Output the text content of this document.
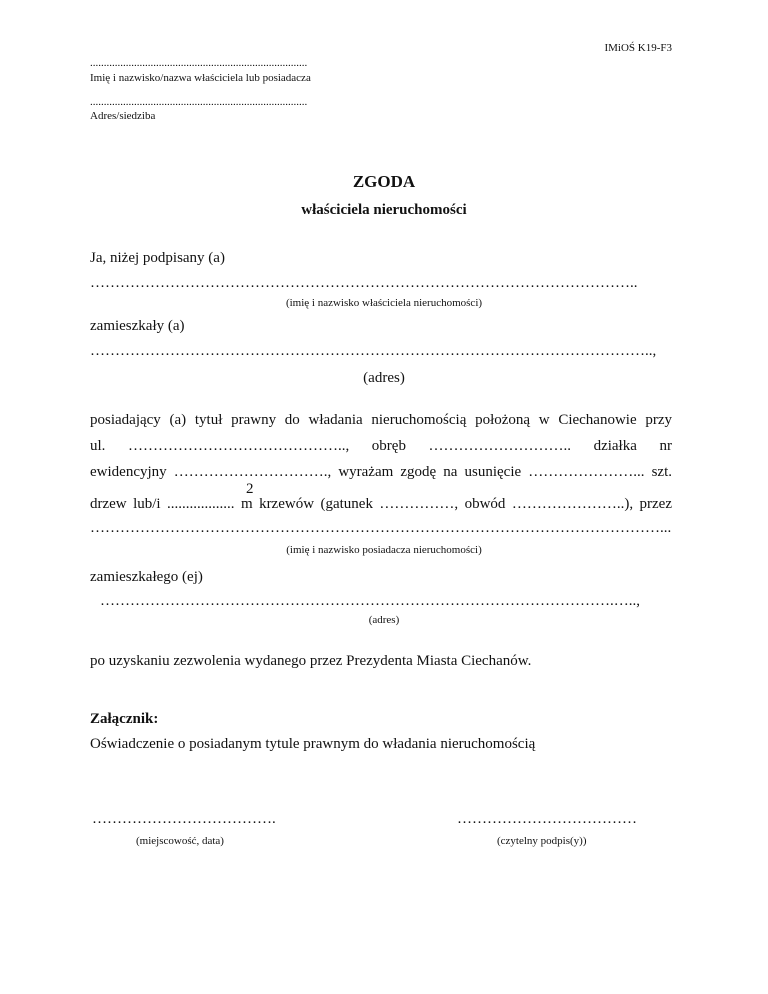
IMiOŚ K19-F3
...............................................................................
Imię i nazwisko/nazwa właściciela lub posiadacza
...............................................................................
Adres/siedziba
ZGODA
właściciela nieruchomości
Ja, niżej podpisany (a)
………………………………………………………………………………………………..
(imię i nazwisko właściciela nieruchomości)
zamieszkały (a)
…………………………………………………………………………………………………..,
(adres)
posiadający (a) tytuł prawny do władania nieruchomością położoną w Ciechanowie przy
ul. …………………………………….., obręb ……………………….. działka nr
ewidencyjny …………………………., wyrażam zgodę na usunięcie …………………... szt.
2
drzew lub/i .................. m krzewów (gatunek ……………, obwód …………………..), przez
……………………………………………………………………………………………………...
(imię i nazwisko posiadacza nieruchomości)
zamieszkałego (ej)
………………………………………………………………………………………….…..,
(adres)
po uzyskaniu zezwolenia wydanego przez Prezydenta Miasta Ciechanów.
Załącznik:
Oświadczenie o posiadanym tytule prawnym do władania nieruchomością
……………………………….
(miejscowość, data)
………………………………
(czytelny podpis(y))
